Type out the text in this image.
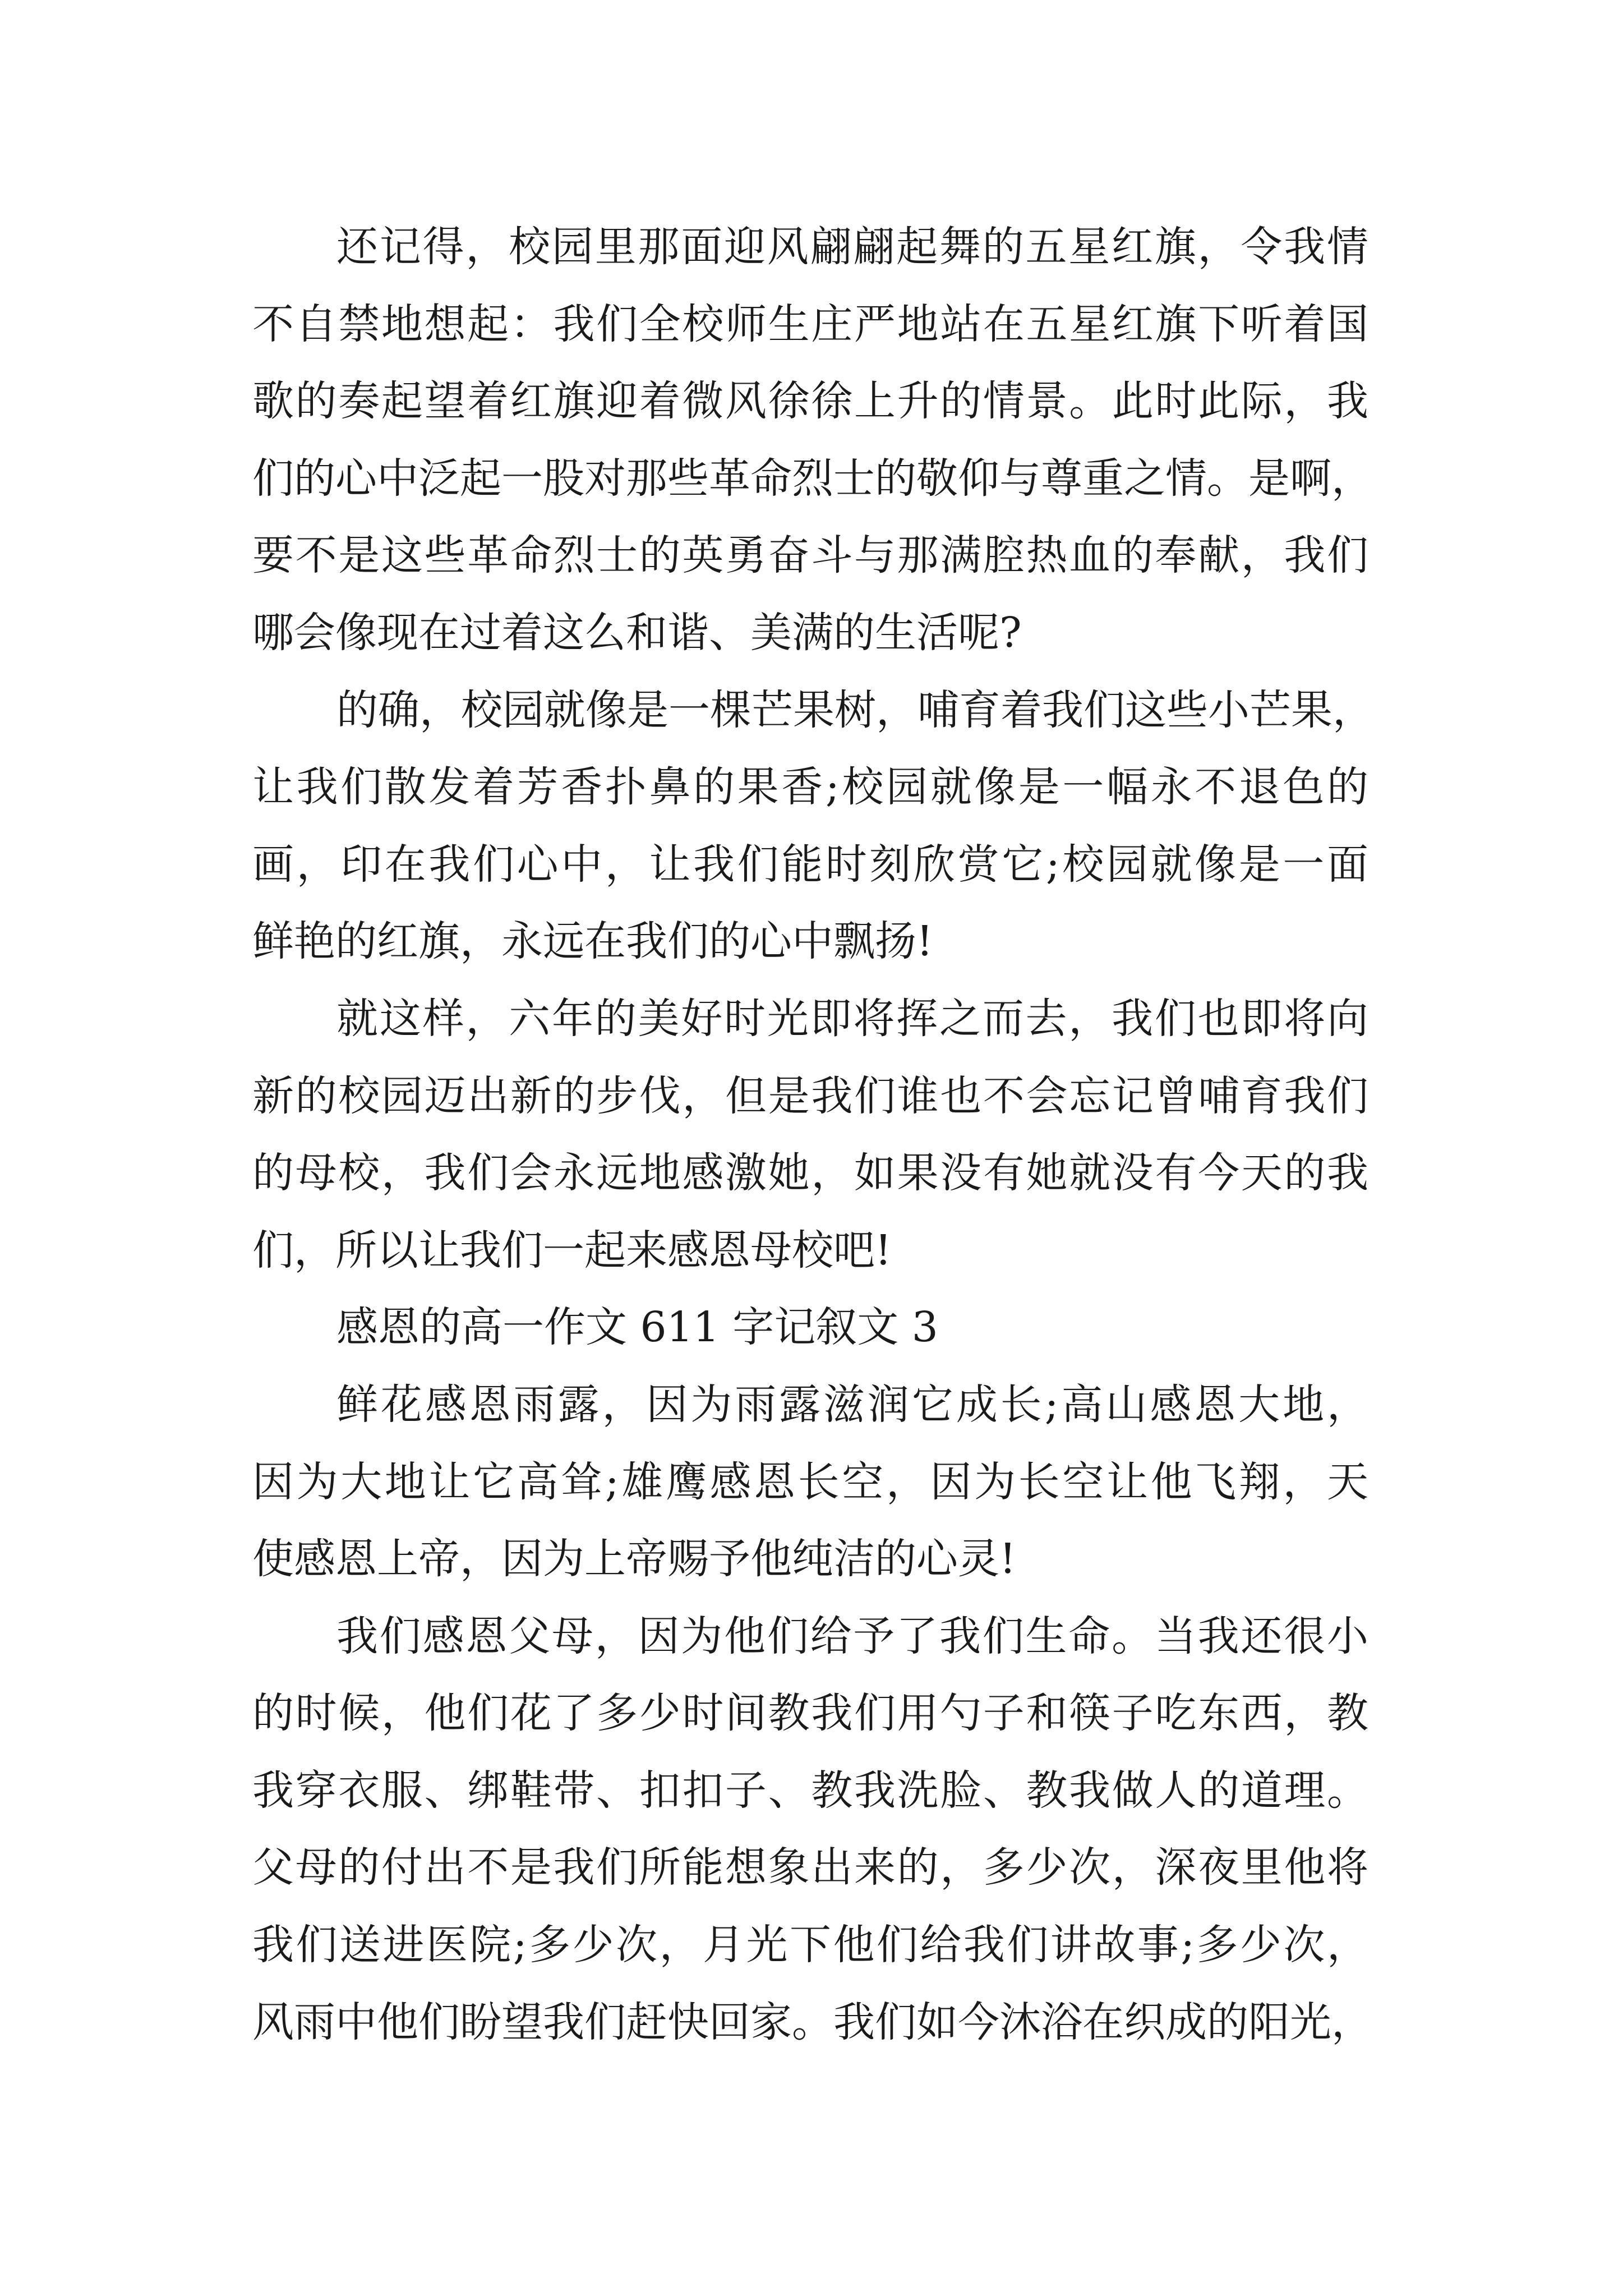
还记得，校园里那面迎风翩翩起舞的五星红旗，令我情
不自禁地想起：我们全校师生庄严地站在五星红旗下听着国
歌的奏起望着红旗迎着微风徐徐上升的情景。此时此际，我
们的心中泛起一股对那些革命烈士的敬仰与尊重之情。是啊，
要不是这些革命烈士的英勇奋斗与那满腔热血的奉献，我们
哪会像现在过着这么和谐、美满的生活呢?
的确，校园就像是一棵芒果树，哺育着我们这些小芒果，
让我们散发着芳香扑鼻的果香;校园就像是一幅永不退色的
画，印在我们心中，让我们能时刻欣赏它;校园就像是一面
鲜艳的红旗，永远在我们的心中飘扬!
就这样，六年的美好时光即将挥之而去，我们也即将向
新的校园迈出新的步伐，但是我们谁也不会忘记曾哺育我们
的母校，我们会永远地感激她，如果没有她就没有今天的我
们，所以让我们一起来感恩母校吧!
感恩的高一作文 611 字记叙文 3
鲜花感恩雨露，因为雨露滋润它成长;高山感恩大地，
因为大地让它高耸;雄鹰感恩长空，因为长空让他飞翔，天
使感恩上帝，因为上帝赐予他纯洁的心灵!
我们感恩父母，因为他们给予了我们生命。当我还很小
的时候，他们花了多少时间教我们用勺子和筷子吃东西，教
我穿衣服、绑鞋带、扣扣子、教我洗脸、教我做人的道理。
父母的付出不是我们所能想象出来的，多少次，深夜里他将
我们送进医院;多少次，月光下他们给我们讲故事;多少次，
风雨中他们盼望我们赶快回家。我们如今沐浴在织成的阳光，
